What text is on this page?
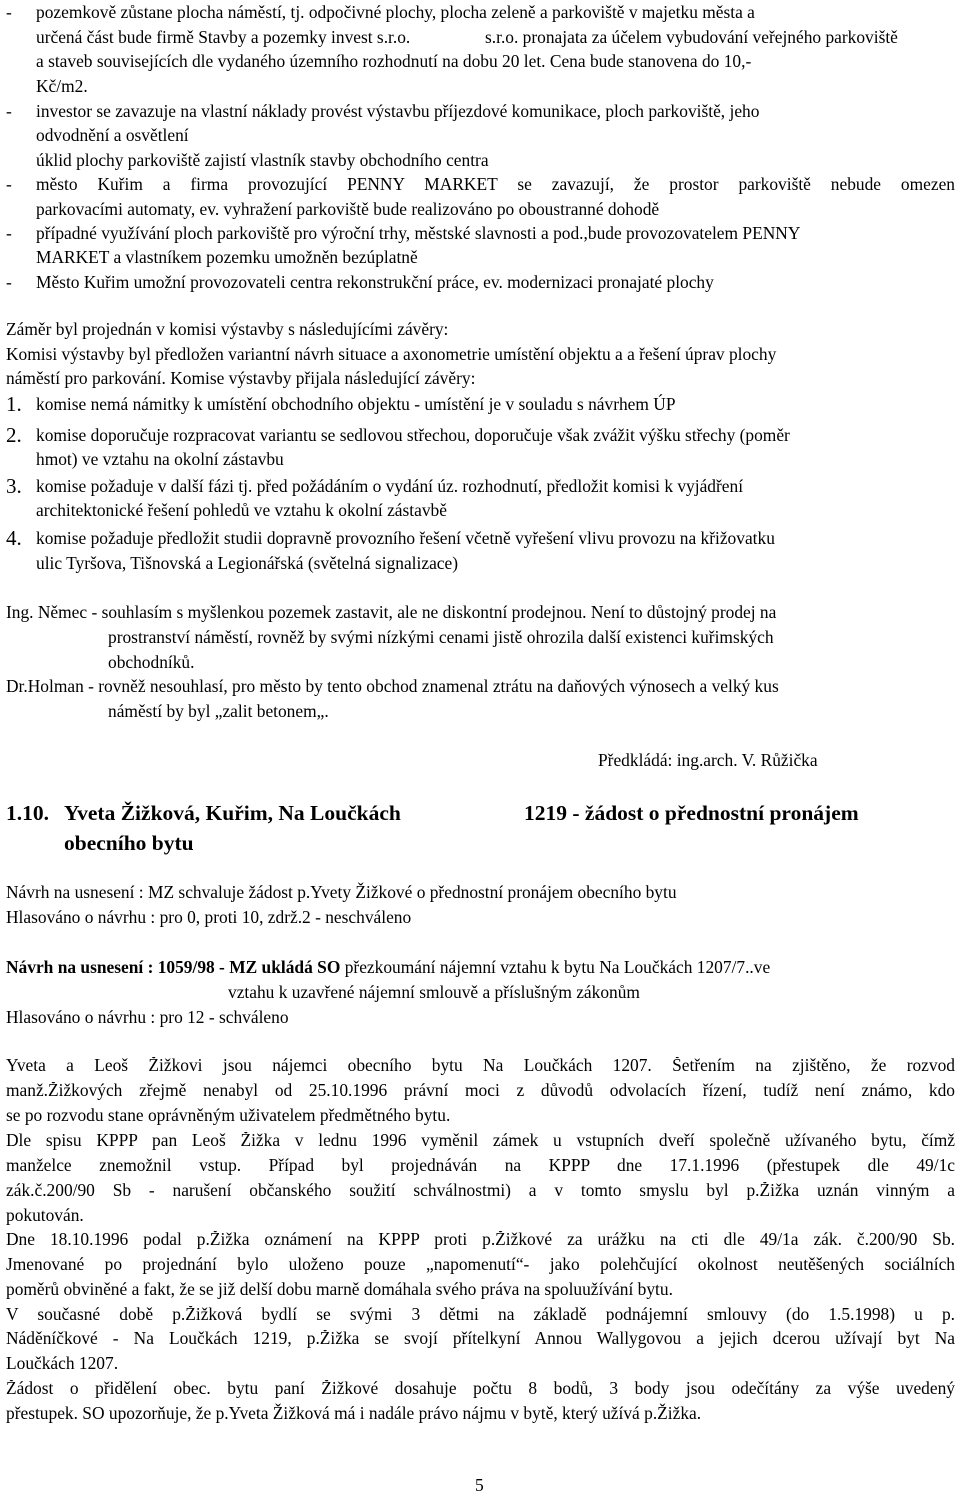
- pozemkově zůstane plocha náměstí, tj. odpočivné plochy, plocha zeleně a parkoviště v majetku města a
určená část bude firmě Stavby a pozemky invest s.r.o.	s.r.o. pronajata za účelem vybudování veřejného parkoviště
a staveb souvisejících dle vydaného územního rozhodnutí na dobu 20 let. Cena bude stanovena do 10,-
Kč/m2.
- investor se zavazuje na vlastní náklady provést výstavbu příjezdové komunikace, ploch parkoviště, jeho
odvodnění a osvětlení
úklid plochy parkoviště zajistí vlastník stavby obchodního centra
- město Kuřim a firma provozující PENNY MARKET se zavazují, že prostor parkoviště nebude omezen
parkovacími automaty, ev. vyhražení parkoviště bude realizováno po oboustranné dohodě
- případné využívání ploch parkoviště pro výroční trhy, městské slavnosti a pod.,bude provozovatelem PENNY
MARKET a vlastníkem pozemku umožněn bezúplatně
- Město Kuřim umožní provozovateli centra rekonstrukční práce, ev. modernizaci pronajaté plochy
Záměr byl projednán v komisi výstavby s následujícími závěry:
Komisi výstavby byl předložen variantní návrh situace a axonometrie umístění objektu a a řešení úprav plochy
náměstí pro parkování. Komise výstavby přijala následující závěry:
1. komise nemá námitky k umístění obchodního objektu - umístění je v souladu s návrhem ÚP
2. komise doporučuje rozpracovat variantu se sedlovou střechou, doporučuje však zvážit výšku střechy (poměr
hmot) ve vztahu na okolní zástavbu
3. komise požaduje v další fázi tj. před požádáním o vydání úz. rozhodnutí, předložit komisi k vyjádření
architektonické řešení pohledů ve vztahu k okolní zástavbě
4. komise požaduje předložit studii dopravně provozního řešení včetně vyřešení vlivu provozu na křižovatku
ulic Tyršova, Tišnovská a Legionářská (světelná signalizace)
Ing. Němec - souhlasím s myšlenkou pozemek zastavit, ale ne diskontní prodejnou. Není to důstojný prodej na
prostranství náměstí, rovněž by svými nízkými cenami jistě ohrozila další existenci kuřimských
obchodníků.
Dr.Holman - rovněž nesouhlasí, pro město by tento obchod znamenal ztrátu na daňových výnosech a velký kus
náměstí by byl „zalit betonem„.
Předkládá: ing.arch. V. Růžička
1.10. Yveta Žižková, Kuřim, Na Loučkách	1219 - žádost o přednostní pronájem
obecního bytu
Návrh na usnesení : MZ schvaluje žádost p.Yvety Žižkové o přednostní pronájem obecního bytu
Hlasováno o návrhu : pro 0, proti 10, zdrž.2 - neschváleno
Návrh na usnesení : 1059/98 - MZ ukládá SO přezkoumání nájemní vztahu k bytu Na Loučkách 1207/7..ve
vztahu k uzavřené nájemní smlouvě a příslušným zákonům
Hlasováno o návrhu : pro 12 - schváleno
Yveta a Leoš Žižkovi jsou nájemci obecního bytu Na Loučkách 1207. Šetřením na zjištěno, že rozvod
manž.Žižkových zřejmě nenabyl od 25.10.1996 právní moci z důvodů odvolacích řízení, tudíž není známo, kdo
se po rozvodu stane oprávněným uživatelem předmětného bytu.
Dle spisu KPPP pan Leoš Žižka v lednu 1996 vyměnil zámek u vstupních dveří společně užívaného bytu, čímž
manželce znemožnil vstup. Případ byl projednáván na KPPP dne 17.1.1996 (přestupek dle 49/1c
zák.č.200/90 Sb - narušení občanského soužití schválnostmi) a v tomto smyslu byl p.Žižka uznán vinným a
pokutován.
Dne 18.10.1996 podal p.Žižka oznámení na KPPP proti p.Žižkové za urážku na cti dle 49/1a zák. č.200/90 Sb.
Jmenované po projednání bylo uloženo pouze „napomenutí“- jako polehčující okolnost neutěšených sociálních
poměrů obviněné a fakt, že se již delší dobu marně domáhala svého práva na spoluužívání bytu.
V současné době p.Žižková bydlí se svými 3 dětmi na základě podnájemní smlouvy (do 1.5.1998) u p.
Náděníčkové - Na Loučkách 1219, p.Žižka se svojí přítelkyní Annou Wallygovou a jejich dcerou užívají byt Na
Loučkách 1207.
Žádost o přidělení obec. bytu paní Žižkové dosahuje počtu 8 bodů, 3 body jsou odečítány za výše uvedený
přestupek. SO upozorňuje, že p.Yveta Žižková má i nadále právo nájmu v bytě, který užívá p.Žižka.
5
